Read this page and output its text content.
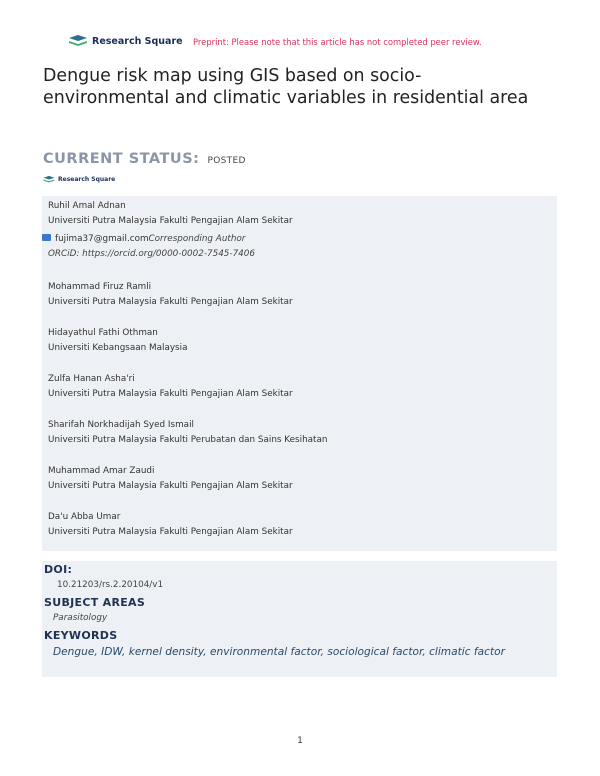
Research Square Preprint: Please note that this article has not completed peer review.
Dengue risk map using GIS based on socio-environmental and climatic variables in residential area
CURRENT STATUS: POSTED
Research Square
Ruhil Amal Adnan
Universiti Putra Malaysia Fakulti Pengajian Alam Sekitar
fujima37@gmail.comCorresponding Author
ORCiD: https://orcid.org/0000-0002-7545-7406
Mohammad Firuz Ramli
Universiti Putra Malaysia Fakulti Pengajian Alam Sekitar
Hidayathul Fathi Othman
Universiti Kebangsaan Malaysia
Zulfa Hanan Asha'ri
Universiti Putra Malaysia Fakulti Pengajian Alam Sekitar
Sharifah Norkhadijah Syed Ismail
Universiti Putra Malaysia Fakulti Perubatan dan Sains Kesihatan
Muhammad Amar Zaudi
Universiti Putra Malaysia Fakulti Pengajian Alam Sekitar
Da'u Abba Umar
Universiti Putra Malaysia Fakulti Pengajian Alam Sekitar
DOI:
10.21203/rs.2.20104/v1
SUBJECT AREAS
Parasitology
KEYWORDS
Dengue, IDW, kernel density, environmental factor, sociological factor, climatic factor
1
